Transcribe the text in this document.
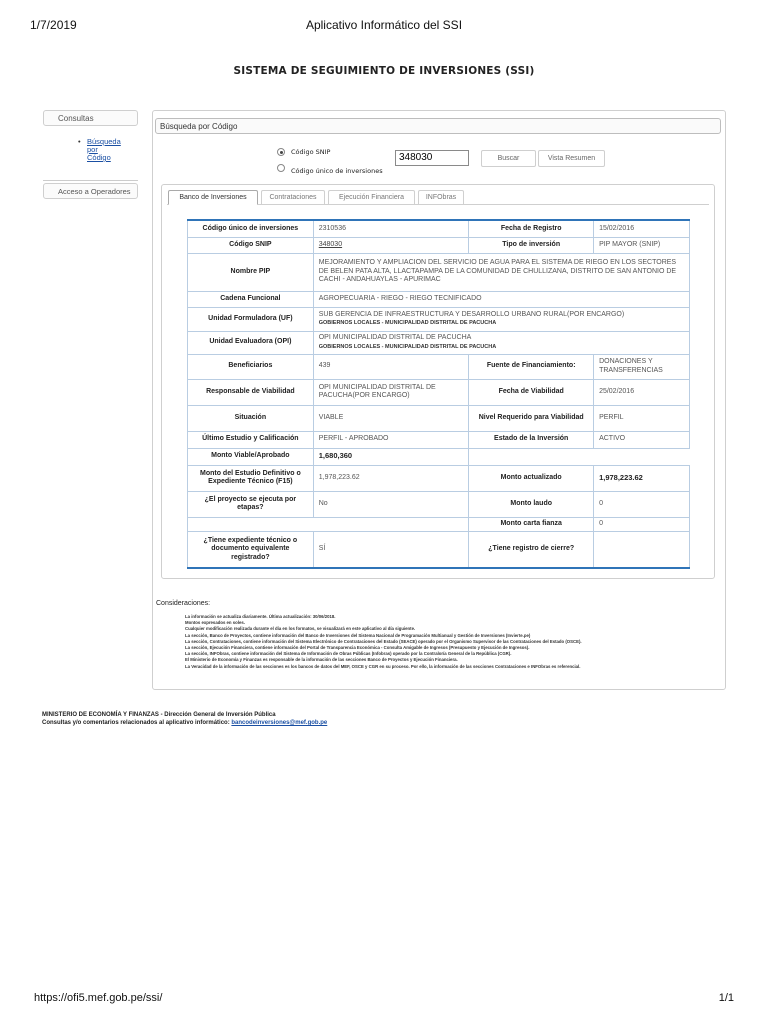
1/7/2019	Aplicativo Informático del SSI
SISTEMA DE SEGUIMIENTO DE INVERSIONES (SSI)
Consultas
• Búsqueda
por
Código
Acceso a Operadores
Búsqueda por Código
Código SNIP
Código único de inversiones
348030	Buscar	Vista Resumen
Banco de Inversiones	Contrataciones	Ejecución Financiera	INFObras
Código único de inversiones	2310536	Fecha de Registro	15/02/2016
Código SNIP	348030	Tipo de inversión	PIP MAYOR (SNIP)
Nombre PIP	MEJORAMIENTO Y AMPLIACION DEL SERVICIO DE AGUA PARA EL SISTEMA DE RIEGO EN LOS SECTORES DE BELEN PATA ALTA, LLACTAPAMPA DE LA COMUNIDAD DE CHULLIZANA, DISTRITO DE SAN ANTONIO DE CACHI - ANDAHUAYLAS - APURIMAC		
Cadena Funcional	AGROPECUARIA - RIEGO - RIEGO TECNIFICADO		
Unidad Formuladora (UF)	SUB GERENCIA DE INFRAESTRUCTURA Y DESARROLLO URBANO RURAL(POR ENCARGO)
GOBIERNOS LOCALES - MUNICIPALIDAD DISTRITAL DE PACUCHA		

Unidad Evaluadora (OPI)	OPI MUNICIPALIDAD DISTRITAL DE PACUCHA
GOBIERNOS LOCALES - MUNICIPALIDAD DISTRITAL DE PACUCHA		

Beneficiarios	439	Fuente de Financiamiento:	DONACIONES Y TRANSFERENCIAS
Responsable de Viabilidad	OPI MUNICIPALIDAD DISTRITAL DE PACUCHA(POR ENCARGO)	Fecha de Viabilidad	25/02/2016
Situación	VIABLE	Nivel Requerido para Viabilidad	PERFIL
Último Estudio y Calificación	PERFIL - APROBADO	Estado de la Inversión	ACTIVO
Monto Viable/Aprobado	1,680,360		
Monto del Estudio Definitivo o Expediente Técnico (F15)	1,978,223.62	Monto actualizado	1,978,223.62
¿El proyecto se ejecuta por etapas?	No	Monto laudo	0
		Monto carta fianza	0
¿Tiene expediente técnico o documento equivalente registrado?	SÍ	¿Tiene registro de cierre?	
Consideraciones:
• La información se actualiza diariamente. Última actualización: 30/06/2018.
• Montos expresados en soles.
• Cualquier modificación realizada durante el día en los formatos, se visualizará en este aplicativo al día siguiente.
• La sección, Banco de Proyectos, contiene información del Banco de Inversiones del Sistema Nacional de Programación Multianual y Gestión de Inversiones (Invierte.pe)
• La sección, Contrataciones, contiene información del Sistema Electrónico de Contrataciones del Estado (SEACE) operado por el Organismo Supervisor de las Contrataciones del Estado (OSCE).
• La sección, Ejecución Financiera, contiene información del Portal de Transparencia Económica - Consulta Amigable de Ingresos (Presupuesto y Ejecución de Ingresos).
• La sección, INFObras, contiene información del Sistema de Información de Obras Públicas (Infobras) operado por la Contraloría General de la República (CGR).
• El Ministerio de Economía y Finanzas es responsable de la información de las secciones Banco de Proyectos y Ejecución Financiera.
• La Veracidad de la información de las secciones es los bancos de datos del MEF, OSCE y CGR en su proceso. Por ello, la información de las secciones Contrataciones e INFObras es referencial.
MINISTERIO DE ECONOMÍA Y FINANZAS - Dirección General de Inversión Pública
Consultas y/o comentarios relacionados al aplicativo informático: bancodeinversiones@mef.gob.pe
https://ofi5.mef.gob.pe/ssi/	1/1
